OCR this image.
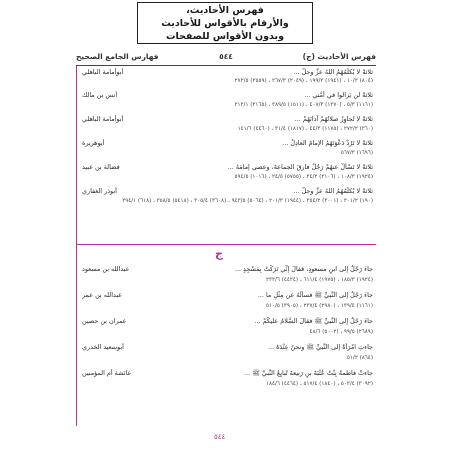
فهرس الأحاديث،
والأرقام بالأقواس للأحاديث
وبدون الأقواس للصفحات
فهرس الأحاديث (ج)
٥٤٤
فهارس الجامع الصحيح
ثلاثةٌ لا يُكلِّمُهُمُ اللهُ عزَّ وجلَّ ...
أبوأمامة الباهلي
(٨٠٤) ١٠/٢ ، (١٩٤١) ١٩٩/٣ ، (٢٠٤٩) ٢٦٧/٣ ، (٣٥٥٩) ٢٧٣/٥
ثلاثةٌ لن يَزالوا في أُمَّتي ...
أنس بن مالك
(١١٦١) ٥/٣ ، (١٣٧٠) ٤٠٧/٣ ، (١٥١١) ٣٨٩/٥ ، (٣١٦٥) ٣١٣/١
ثلاثةٌ لا تُجاوِزُ صلاتُهُمْ آذانَهُمْ ...
أبوأمامة الباهلي
(٣٦٠) ٢٧٢/٢ ، (١١٧٥) ٤٤/٣ ، (١٨١٧) ٣١/٤ ، (٤٤٦٠) ١٤١/٦
ثلاثةٌ لا تَرُدُّ دَعْوَتَهُمُ الإمامُ العادِلُ ...
أبوهريرة
(١٦٩٦) ٥٦٧/٣
ثلاثةٌ لا تَسْأَلْ عنهُمْ رَجُلٌ فارقَ الجماعةَ، وعصى إمامَهُ ...
فضالة بن عبيد
(١٩٢٤) ١٠٨/٣ ، (٣١٠٦) ٣٤/٢ ، (٥٧٥٥) ٢٤/٥ ، (١٠١٦) ٥٩٤/٥
ثلاثةٌ لا يُكلِّمُهُمُ اللهُ عزَّ وجلَّ ...
أبوذر الغفاري
(١٩٠) ٣٠١/٢ ، (٣٠٠١) ٣٥٤/٢ ، (١٩٤٤) ٢٠١/٣ ، (٥٠٦٤) ٩٤٣/٥ ، (٣٦٠٨) ٣٠٥/٤ ، (٥٤١٨) ٣٥٨/٥ ، (٦١٨) ٣٩٤/١
ج
جاءَ رَجُلٌ إلى ابنِ مسعودٍ، فقالَ إنِّي تَرَكْتُ بِمَسْجِدٍ ...
عبدالله بن مسعود
(١٩٢٤) ١٨٥/٣ ، (١٩٧٥) ٦١١/٤ ، (٤٤٢٤) ٢٣٣/٦
جاءَ رَجُلٌ إلى النَّبيِّ ﷺ فسألَهُ عن مِثْلِ ما ...
عبدالله بن عمر
(١١٦١) ١٣٩/٤ ، (٢٩٨٠) ٢٣٧/٤ ، (٣٩٠٥) ٥١٠/٥
جاءَ رَجُلٌ إلى النَّبيِّ ﷺ فقالَ السَّلامُ عليكُمْ ...
عمران بن حصين
(٢٦٨٩) ٩٩/٥ ، (٥٠٠٢) ٤٨/٦
جاءتِ امْرَأَةٌ إلى النَّبيِّ ﷺ ونحنُ عِنْدَهُ ...
أبوسعيد الخدري
(٨٦٤) ٥١/٢
جاءتْ فاطمةُ بِنْتُ عُتْبَةَ بنِ رَبيعةَ تُبايِعُ النَّبيَّ ﷺ ...
عائشة أم المؤمنين
(٣٠٩٢) ٥٠٣/٤ ، (١٨٤٠) ٥١٧/٤ ، (٤٤٦٤) ١٨٤/٦
٥٤٤
